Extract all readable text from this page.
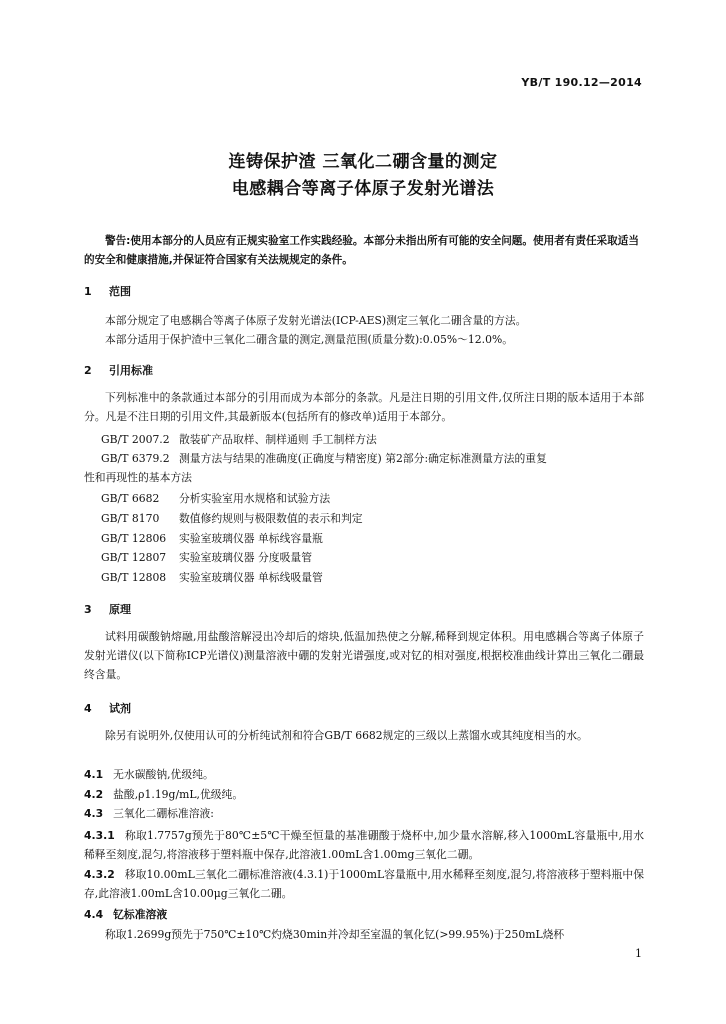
YB/T 190.12—2014
连铸保护渣 三氧化二硼含量的测定
电感耦合等离子体原子发射光谱法
警告:使用本部分的人员应有正规实验室工作实践经验。本部分未指出所有可能的安全问题。使用者有责任采取适当的安全和健康措施,并保证符合国家有关法规规定的条件。
1 范围
本部分规定了电感耦合等离子体原子发射光谱法(ICP-AES)测定三氧化二硼含量的方法。
本部分适用于保护渣中三氧化二硼含量的测定,测量范围(质量分数):0.05%～12.0%。
2 引用标准
下列标准中的条款通过本部分的引用而成为本部分的条款。凡是注日期的引用文件,仅所注日期的版本适用于本部分。凡是不注日期的引用文件,其最新版本(包括所有的修改单)适用于本部分。
GB/T 2007.2 散装矿产品取样、制样通则 手工制样方法
GB/T 6379.2 测量方法与结果的准确度(正确度与精密度) 第2部分:确定标准测量方法的重复
性和再现性的基本方法
GB/T 6682 分析实验室用水规格和试验方法
GB/T 8170 数值修约规则与极限数值的表示和判定
GB/T 12806 实验室玻璃仪器 单标线容量瓶
GB/T 12807 实验室玻璃仪器 分度吸量管
GB/T 12808 实验室玻璃仪器 单标线吸量管
3 原理
试料用碳酸钠熔融,用盐酸溶解浸出冷却后的熔块,低温加热使之分解,稀释到规定体积。用电感耦合等离子体原子发射光谱仪(以下简称ICP光谱仪)测量溶液中硼的发射光谱强度,或对钇的相对强度,根据校准曲线计算出三氧化二硼最终含量。
4 试剂
除另有说明外,仅使用认可的分析纯试剂和符合GB/T 6682规定的三级以上蒸馏水或其纯度相当的水。
4.1 无水碳酸钠,优级纯。
4.2 盐酸,ρ1.19g/mL,优级纯。
4.3 三氧化二硼标准溶液:
4.3.1 称取1.7757g预先于80℃±5℃干燥至恒量的基准硼酸于烧杯中,加少量水溶解,移入1000mL容量瓶中,用水稀释至刻度,混匀,将溶液移于塑料瓶中保存,此溶液1.00mL含1.00mg三氧化二硼。
4.3.2 移取10.00mL三氧化二硼标准溶液(4.3.1)于1000mL容量瓶中,用水稀释至刻度,混匀,将溶液移于塑料瓶中保存,此溶液1.00mL含10.00μg三氧化二硼。
4.4 钇标准溶液
称取1.2699g预先于750℃±10℃灼烧30min并冷却至室温的氧化钇(>99.95%)于250mL烧杯
1
